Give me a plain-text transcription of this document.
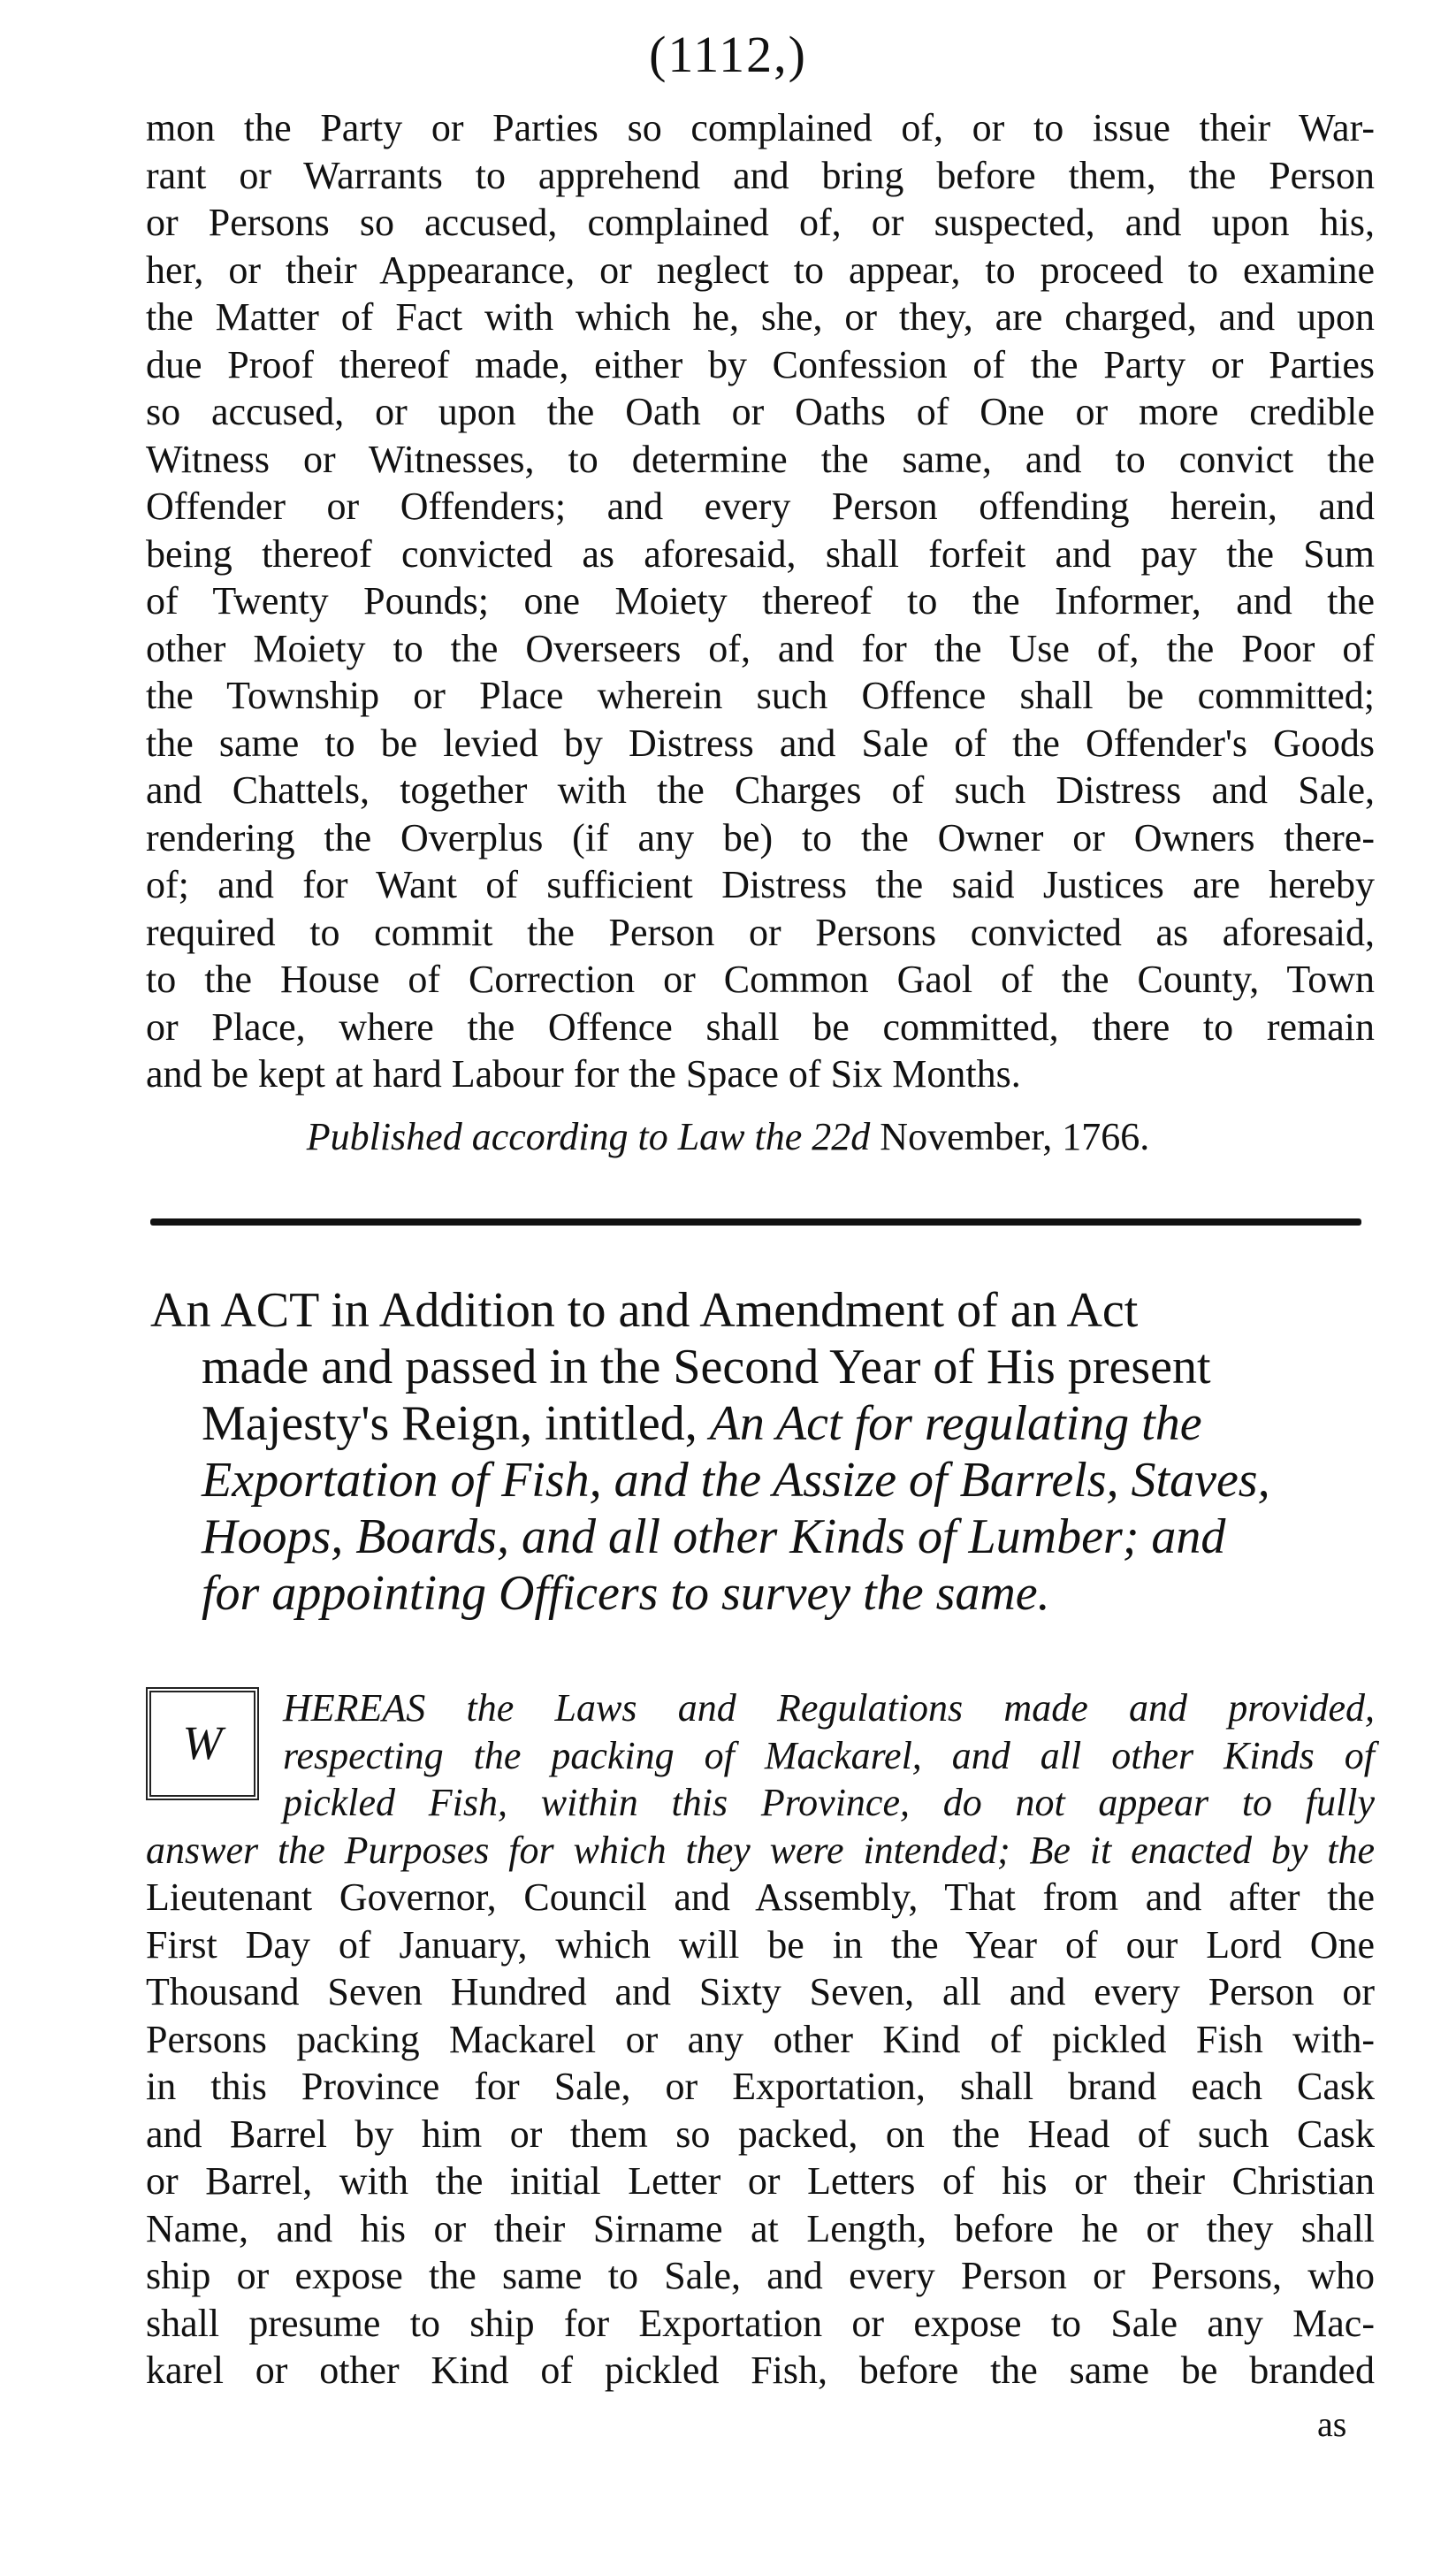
(1112,)
mon the Party or Parties so complained of, or to issue their War-
rant or Warrants to apprehend and bring before them, the Person
or Persons so accused, complained of, or suspected, and upon his,
her, or their Appearance, or neglect to appear, to proceed to examine
the Matter of Fact with which he, she, or they, are charged, and upon
due Proof thereof made, either by Confession of the Party or Parties
so accused, or upon the Oath or Oaths of One or more credible
Witness or Witnesses, to determine the same, and to convict the
Offender or Offenders; and every Person offending herein, and
being thereof convicted as aforesaid, shall forfeit and pay the Sum
of Twenty Pounds; one Moiety thereof to the Informer, and the
other Moiety to the Overseers of, and for the Use of, the Poor of
the Township or Place wherein such Offence shall be committed;
the same to be levied by Distress and Sale of the Offender's Goods
and Chattels, together with the Charges of such Distress and Sale,
rendering the Overplus (if any be) to the Owner or Owners there-
of; and for Want of sufficient Distress the said Justices are hereby
required to commit the Person or Persons convicted as aforesaid,
to the House of Correction or Common Gaol of the County, Town
or Place, where the Offence shall be committed, there to remain
and be kept at hard Labour for the Space of Six Months.
Published according to Law the 22d November, 1766.
An ACT in Addition to and Amendment of an Act
made and passed in the Second Year of His present
Majesty's Reign, intitled, An Act for regulating the
Exportation of Fish, and the Assize of Barrels, Staves,
Hoops, Boards, and all other Kinds of Lumber; and
for appointing Officers to survey the same.
W
HEREAS the Laws and Regulations made and provided,
respecting the packing of Mackarel, and all other Kinds of
pickled Fish, within this Province, do not appear to fully
answer the Purposes for which they were intended; Be it enacted by the
Lieutenant Governor, Council and Assembly, That from and after the
First Day of January, which will be in the Year of our Lord One
Thousand Seven Hundred and Sixty Seven, all and every Person or
Persons packing Mackarel or any other Kind of pickled Fish with-
in this Province for Sale, or Exportation, shall brand each Cask
and Barrel by him or them so packed, on the Head of such Cask
or Barrel, with the initial Letter or Letters of his or their Christian
Name, and his or their Sirname at Length, before he or they shall
ship or expose the same to Sale, and every Person or Persons, who
shall presume to ship for Exportation or expose to Sale any Mac-
karel or other Kind of pickled Fish, before the same be branded
as
